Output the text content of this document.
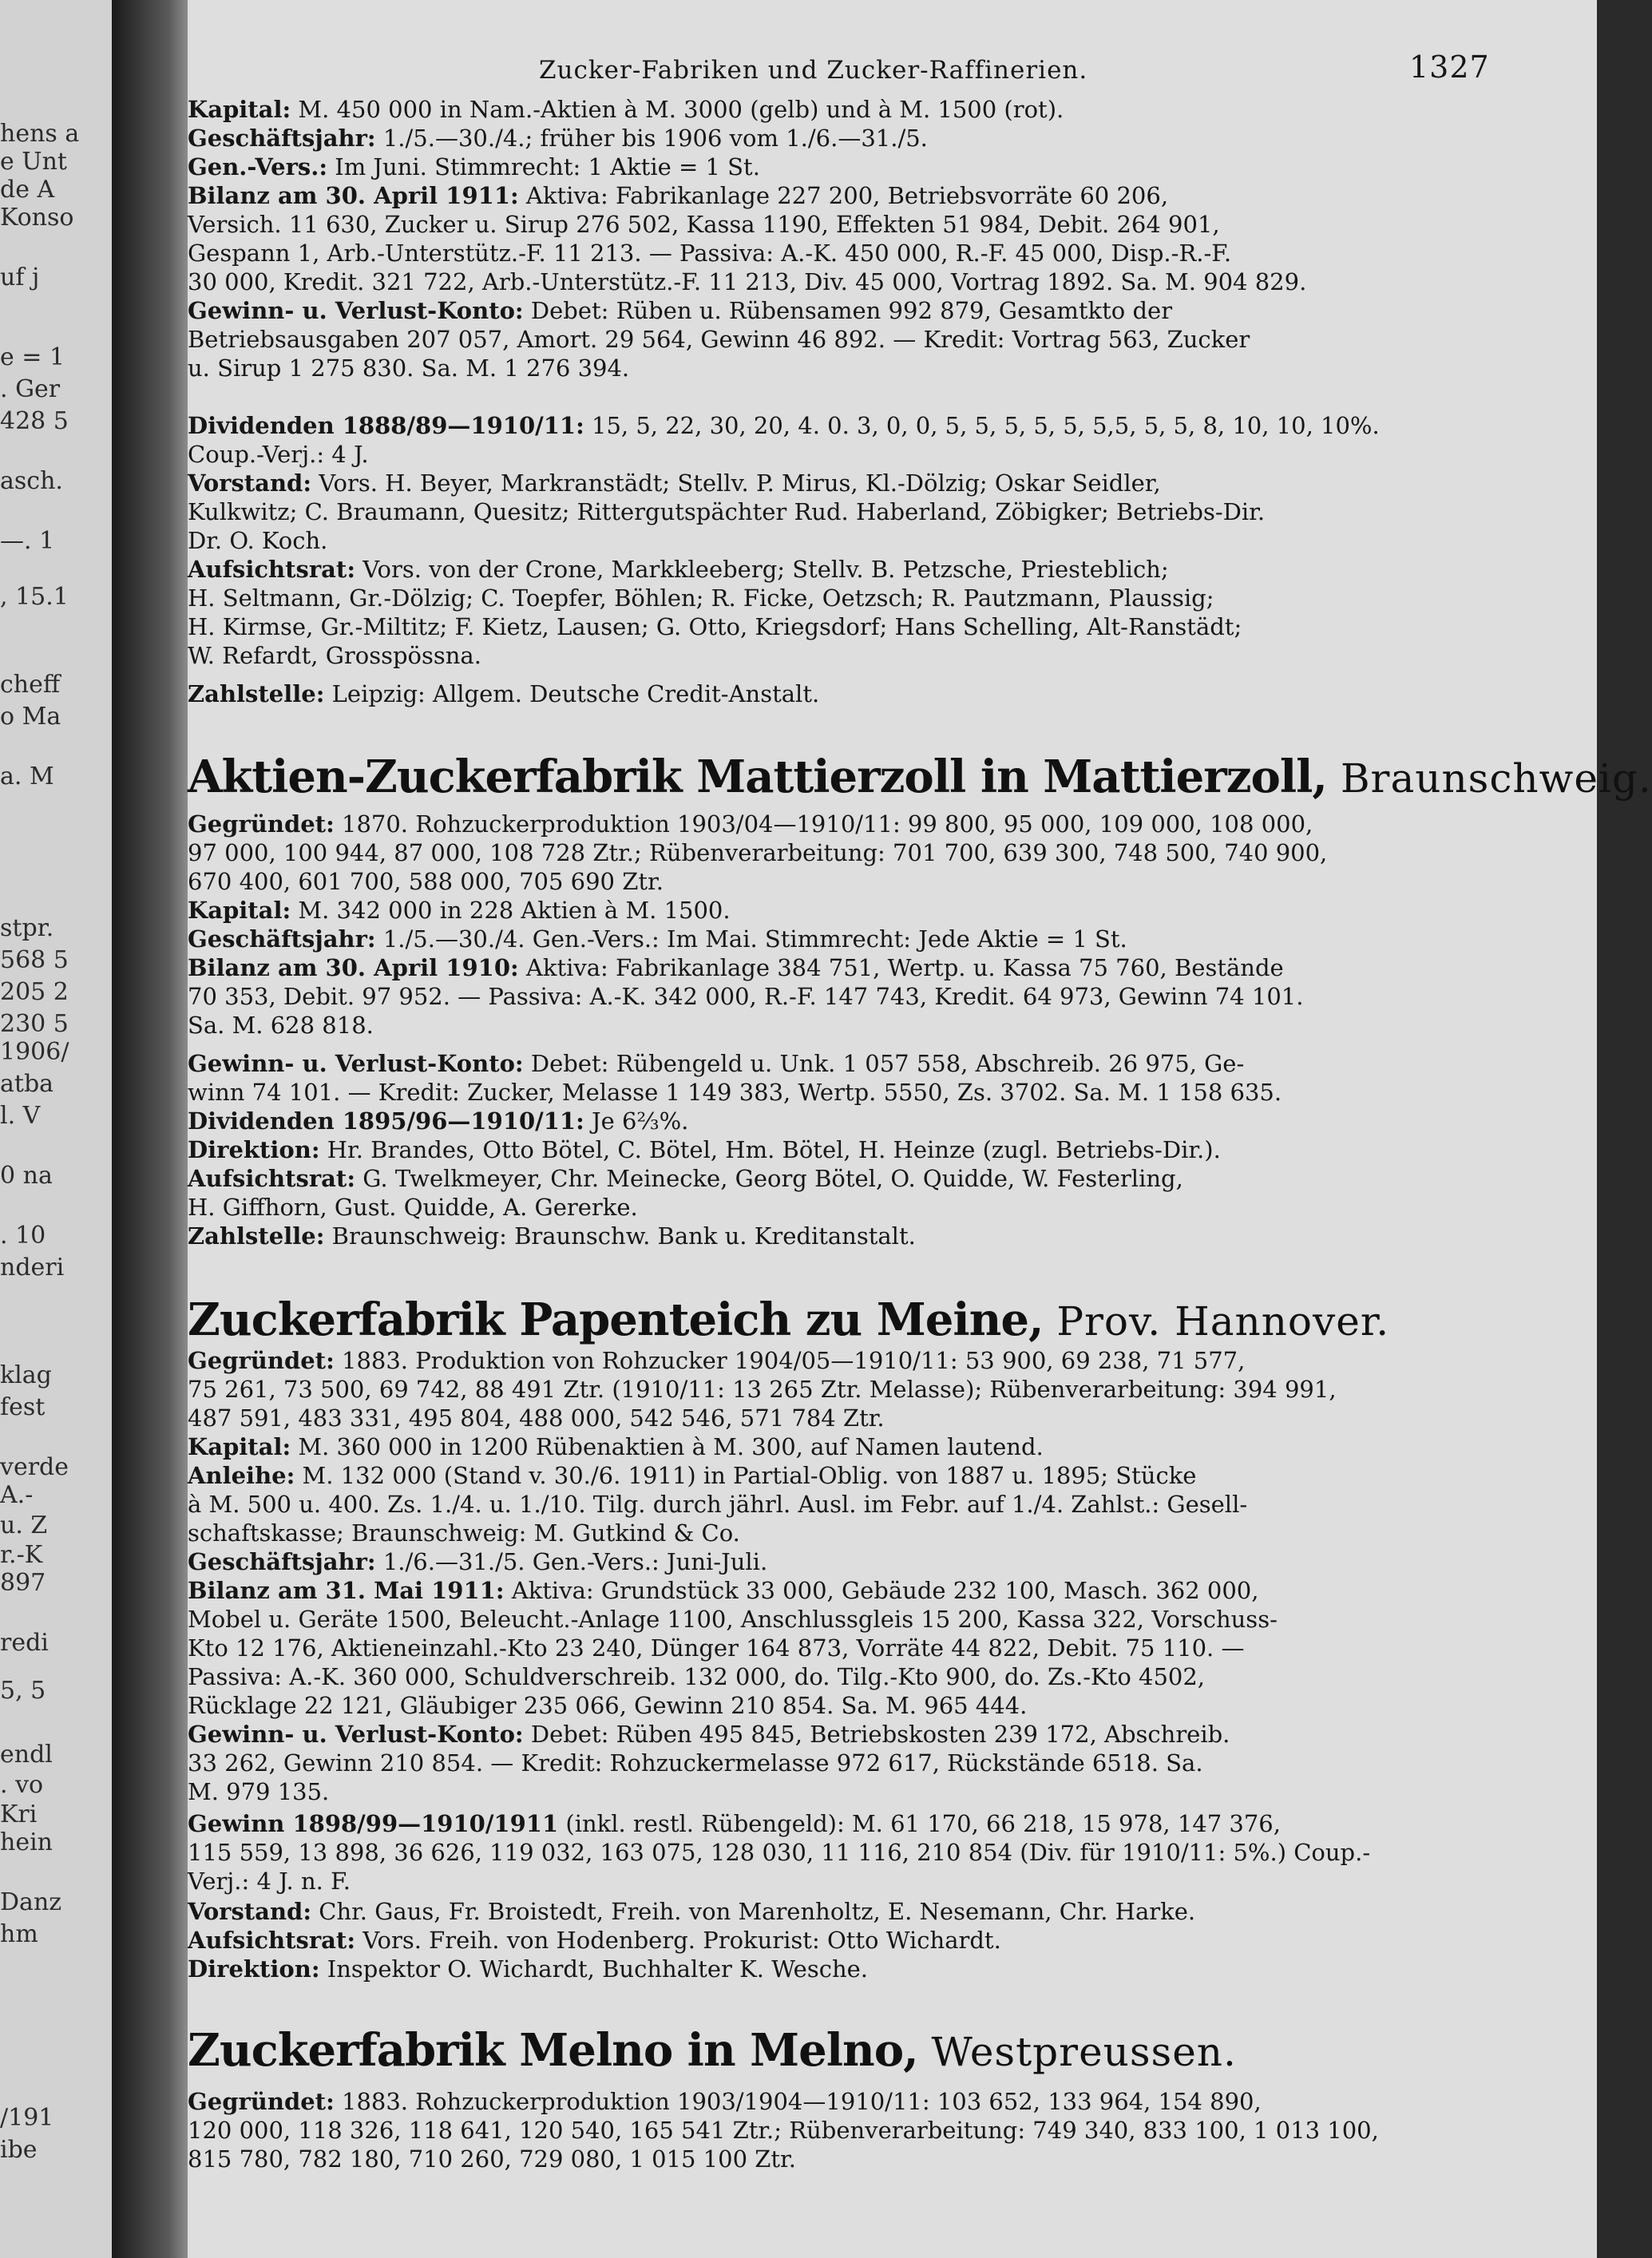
hens a
e Unt
de A
Konso
uf j
e = 1
. Ger
428 5
asch.
—. 1
, 15.1
cheff
o Ma
a. M
stpr.
568 5
205 2
230 5
1906/
atba
l. V
0 na
. 10
nderi
klag
fest
verde
A.-
u. Z
r.-K
897
redi
5, 5
endl
. vo
Kri
hein
Danz
hm
/191
ibe
Zucker-Fabriken und Zucker-Raffinerien.	1327
Kapital: M. 450 000 in Nam.-Aktien à M. 3000 (gelb) und à M. 1500 (rot).
Geschäftsjahr: 1./5.—30./4.; früher bis 1906 vom 1./6.—31./5.
Gen.-Vers.: Im Juni. Stimmrecht: 1 Aktie = 1 St.
Bilanz am 30. April 1911: Aktiva: Fabrikanlage 227 200, Betriebsvorräte 60 206,
Versich. 11 630, Zucker u. Sirup 276 502, Kassa 1190, Effekten 51 984, Debit. 264 901,
Gespann 1, Arb.-Unterstütz.-F. 11 213. — Passiva: A.-K. 450 000, R.-F. 45 000, Disp.-R.-F.
30 000, Kredit. 321 722, Arb.-Unterstütz.-F. 11 213, Div. 45 000, Vortrag 1892. Sa. M. 904 829.
Gewinn- u. Verlust-Konto: Debet: Rüben u. Rübensamen 992 879, Gesamtkto der
Betriebsausgaben 207 057, Amort. 29 564, Gewinn 46 892. — Kredit: Vortrag 563, Zucker
u. Sirup 1 275 830. Sa. M. 1 276 394.
Dividenden 1888/89—1910/11: 15, 5, 22, 30, 20, 4. 0. 3, 0, 0, 5, 5, 5, 5, 5, 5,5, 5, 5, 8, 10, 10, 10%.
Coup.-Verj.: 4 J.
Vorstand: Vors. H. Beyer, Markranstädt; Stellv. P. Mirus, Kl.-Dölzig; Oskar Seidler,
Kulkwitz; C. Braumann, Quesitz; Rittergutspächter Rud. Haberland, Zöbigker; Betriebs-Dir.
Dr. O. Koch.
Aufsichtsrat: Vors. von der Crone, Markkleeberg; Stellv. B. Petzsche, Priesteblich;
H. Seltmann, Gr.-Dölzig; C. Toepfer, Böhlen; R. Ficke, Oetzsch; R. Pautzmann, Plaussig;
H. Kirmse, Gr.-Miltitz; F. Kietz, Lausen; G. Otto, Kriegsdorf; Hans Schelling, Alt-Ranstädt;
W. Refardt, Grosspössna.
Zahlstelle: Leipzig: Allgem. Deutsche Credit-Anstalt.
Aktien-Zuckerfabrik Mattierzoll in Mattierzoll, Braunschweig.
Gegründet: 1870. Rohzuckerproduktion 1903/04—1910/11: 99 800, 95 000, 109 000, 108 000,
97 000, 100 944, 87 000, 108 728 Ztr.; Rübenverarbeitung: 701 700, 639 300, 748 500, 740 900,
670 400, 601 700, 588 000, 705 690 Ztr.
Kapital: M. 342 000 in 228 Aktien à M. 1500.
Geschäftsjahr: 1./5.—30./4. Gen.-Vers.: Im Mai. Stimmrecht: Jede Aktie = 1 St.
Bilanz am 30. April 1910: Aktiva: Fabrikanlage 384 751, Wertp. u. Kassa 75 760, Bestände
70 353, Debit. 97 952. — Passiva: A.-K. 342 000, R.-F. 147 743, Kredit. 64 973, Gewinn 74 101.
Sa. M. 628 818.
Gewinn- u. Verlust-Konto: Debet: Rübengeld u. Unk. 1 057 558, Abschreib. 26 975, Ge-
winn 74 101. — Kredit: Zucker, Melasse 1 149 383, Wertp. 5550, Zs. 3702. Sa. M. 1 158 635.
Dividenden 1895/96—1910/11: Je 6⅔%.
Direktion: Hr. Brandes, Otto Bötel, C. Bötel, Hm. Bötel, H. Heinze (zugl. Betriebs-Dir.).
Aufsichtsrat: G. Twelkmeyer, Chr. Meinecke, Georg Bötel, O. Quidde, W. Festerling,
H. Giffhorn, Gust. Quidde, A. Gererke.
Zahlstelle: Braunschweig: Braunschw. Bank u. Kreditanstalt.
Zuckerfabrik Papenteich zu Meine, Prov. Hannover.
Gegründet: 1883. Produktion von Rohzucker 1904/05—1910/11: 53 900, 69 238, 71 577,
75 261, 73 500, 69 742, 88 491 Ztr. (1910/11: 13 265 Ztr. Melasse); Rübenverarbeitung: 394 991,
487 591, 483 331, 495 804, 488 000, 542 546, 571 784 Ztr.
Kapital: M. 360 000 in 1200 Rübenaktien à M. 300, auf Namen lautend.
Anleihe: M. 132 000 (Stand v. 30./6. 1911) in Partial-Oblig. von 1887 u. 1895; Stücke
à M. 500 u. 400. Zs. 1./4. u. 1./10. Tilg. durch jährl. Ausl. im Febr. auf 1./4. Zahlst.: Gesell-
schaftskasse; Braunschweig: M. Gutkind & Co.
Geschäftsjahr: 1./6.—31./5. Gen.-Vers.: Juni-Juli.
Bilanz am 31. Mai 1911: Aktiva: Grundstück 33 000, Gebäude 232 100, Masch. 362 000,
Mobel u. Geräte 1500, Beleucht.-Anlage 1100, Anschlussgleis 15 200, Kassa 322, Vorschuss-
Kto 12 176, Aktieneinzahl.-Kto 23 240, Dünger 164 873, Vorräte 44 822, Debit. 75 110. —
Passiva: A.-K. 360 000, Schuldverschreib. 132 000, do. Tilg.-Kto 900, do. Zs.-Kto 4502,
Rücklage 22 121, Gläubiger 235 066, Gewinn 210 854. Sa. M. 965 444.
Gewinn- u. Verlust-Konto: Debet: Rüben 495 845, Betriebskosten 239 172, Abschreib.
33 262, Gewinn 210 854. — Kredit: Rohzuckermelasse 972 617, Rückstände 6518. Sa.
M. 979 135.
Gewinn 1898/99—1910/1911 (inkl. restl. Rübengeld): M. 61 170, 66 218, 15 978, 147 376,
115 559, 13 898, 36 626, 119 032, 163 075, 128 030, 11 116, 210 854 (Div. für 1910/11: 5%.) Coup.-
Verj.: 4 J. n. F.
Vorstand: Chr. Gaus, Fr. Broistedt, Freih. von Marenholtz, E. Nesemann, Chr. Harke.
Aufsichtsrat: Vors. Freih. von Hodenberg. Prokurist: Otto Wichardt.
Direktion: Inspektor O. Wichardt, Buchhalter K. Wesche.
Zuckerfabrik Melno in Melno, Westpreussen.
Gegründet: 1883. Rohzuckerproduktion 1903/1904—1910/11: 103 652, 133 964, 154 890,
120 000, 118 326, 118 641, 120 540, 165 541 Ztr.; Rübenverarbeitung: 749 340, 833 100, 1 013 100,
815 780, 782 180, 710 260, 729 080, 1 015 100 Ztr.
